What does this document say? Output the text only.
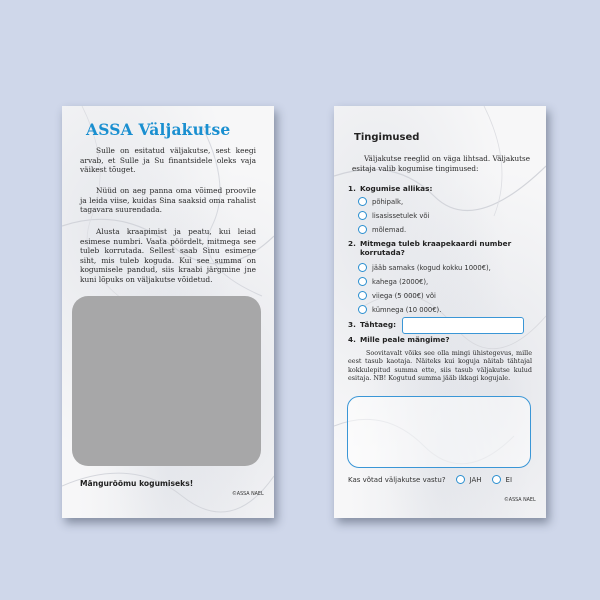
ASSA Väljakutse

Sulle on esitatud väljakutse, sest keegi arvab, et Sulle ja Su finantsidele oleks vaja väikest tõuget.

Nüüd on aeg panna oma võimed proovile ja leida viise, kuidas Sina saaksid oma rahalist tagavara suurendada.

Alusta kraapimist ja peatu, kui leiad esimese numbri. Vaata pöördelt, mitmega see tuleb korrutada. Sellest saab Sinu esimene siht, mis tuleb koguda. Kui see summa on kogumisele pandud, siis kraabi järgmine jne kuni lõpuks on väljakutse võidetud.

Mängurõõmu kogumiseks!
©ASSA NAEL
Tingimused

Väljakutse reeglid on väga lihtsad. Väljakutse esitaja valib kogumise tingimused:

1. Kogumise allikas:
põhipalk,
lisasissetulek või
mõlemad.
2. Mitmega tuleb kraapekaardi number korrutada?
jääb samaks (kogud kokku 1000€),
kahega (2000€),
viiega (5 000€) või
kümnega (10 000€).
3. Tähtaeg:
4. Mille peale mängime?

Soovitavalt võiks see olla mingi ühistegevus, mille eest tasub kaotaja. Näiteks kui koguja näitab tähtajal kokkulepitud summa ette, siis tasub väljakutse kulud esitaja. NB! Kogutud summa jääb ikkagi kogujale.

Kas võtad väljakutse vastu?	JAH	EI
©ASSA NAEL
